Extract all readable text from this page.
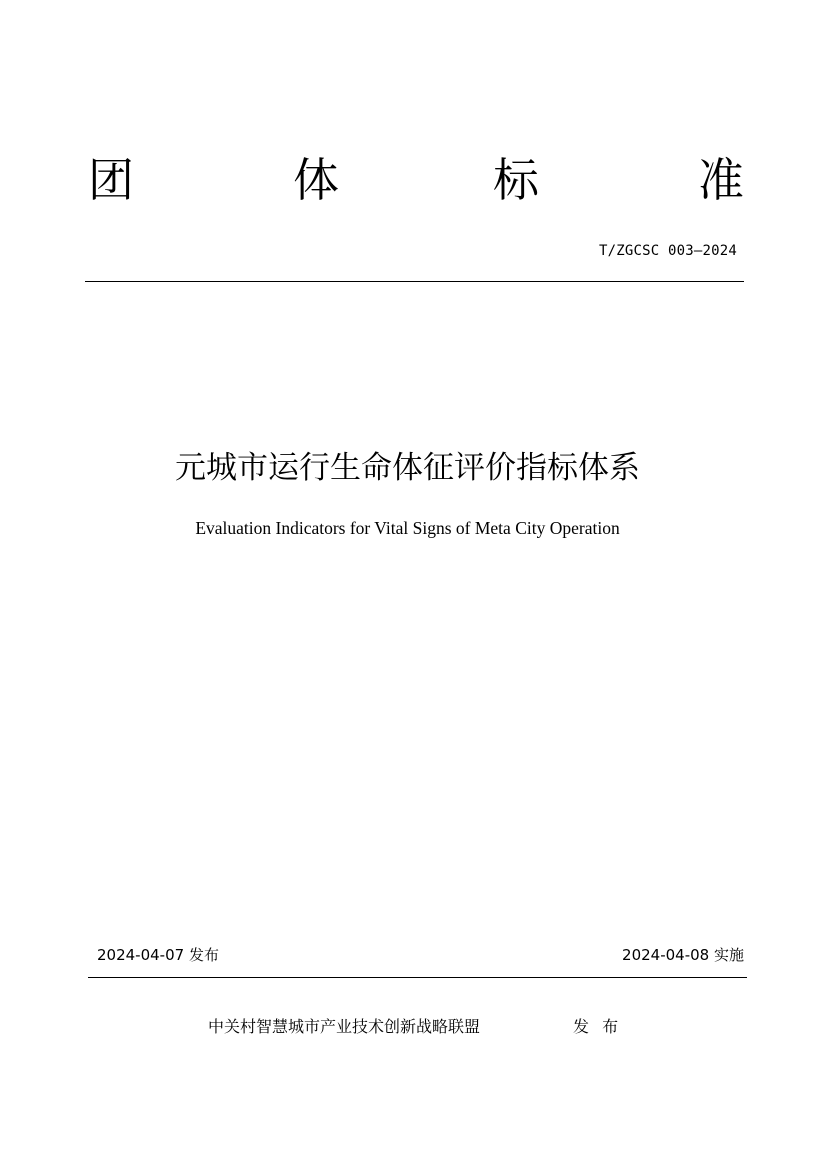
团	体	标	准
T/ZGCSC 003—2024
元城市运行生命体征评价指标体系
Evaluation Indicators for Vital Signs of Meta City Operation
2024-04-07 发布	2024-04-08 实施
中关村智慧城市产业技术创新战略联盟	发 布
